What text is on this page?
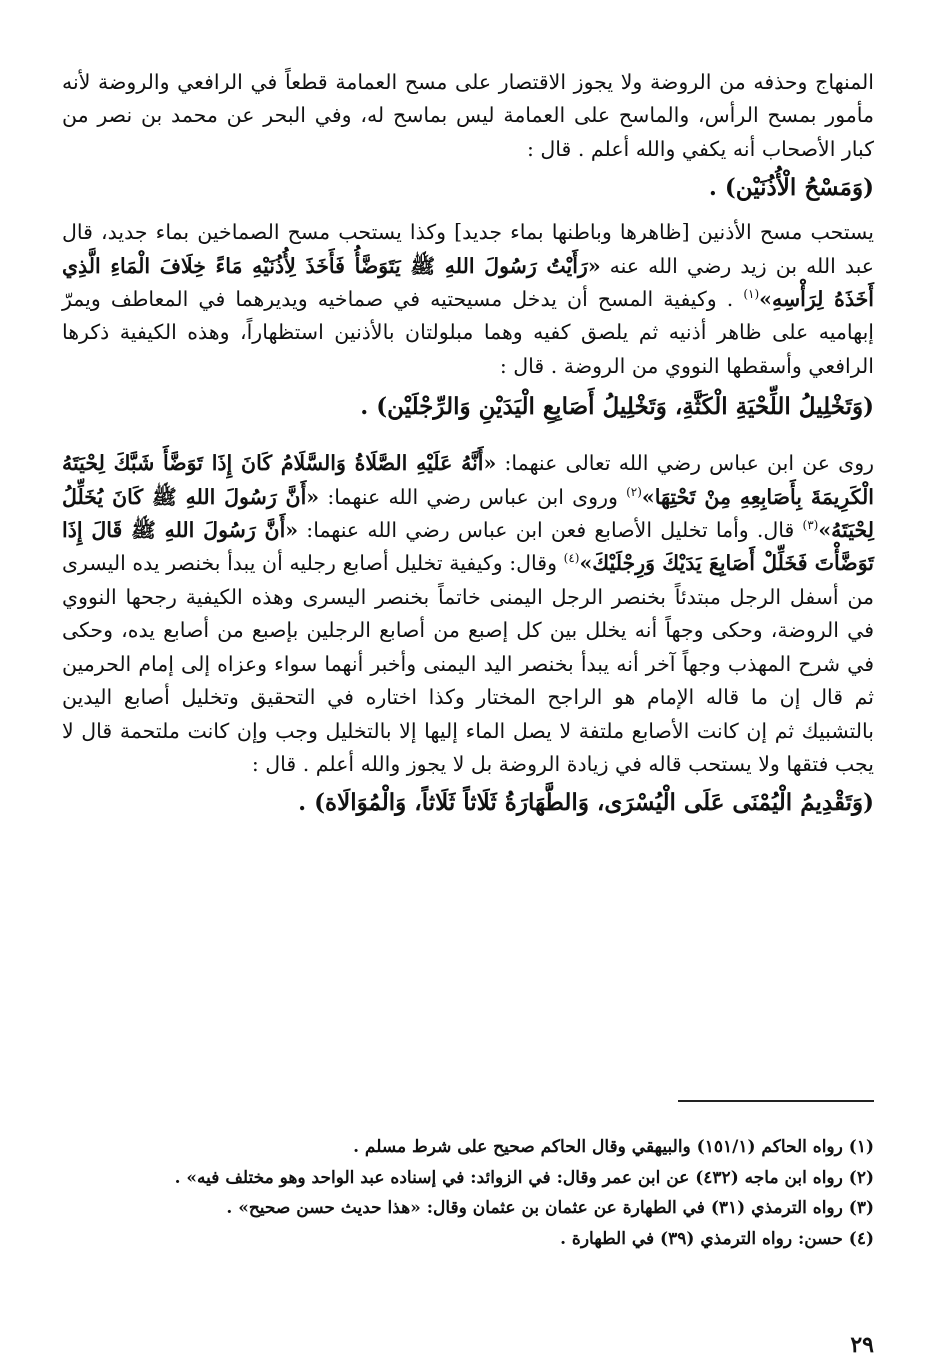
المنهاج وحذفه من الروضة ولا يجوز الاقتصار على مسح العمامة قطعاً في الرافعي والروضة لأنه مأمور بمسح الرأس، والماسح على العمامة ليس بماسح له، وفي البحر عن محمد بن نصر من كبار الأصحاب أنه يكفي والله أعلم . قال :

(وَمَسْحُ الْأُذُنَيْن) .

يستحب مسح الأذنين [ظاهرها وباطنها بماء جديد] وكذا يستحب مسح الصماخين بماء جديد، قال عبد الله بن زيد رضي الله عنه «رَأَيْتُ رَسُولَ اللهِ ﷺ يَتَوَضَّأُ فَأَخَذَ لِأُذُنَيْهِ مَاءً خِلَافَ الْمَاءِ الَّذِي أَخَذَهُ لِرَأْسِهِ»$^{(١)}$ . وكيفية المسح أن يدخل مسيحتيه في صماخيه ويديرهما في المعاطف ويمرّ إبهاميه على ظاهر أذنيه ثم يلصق كفيه وهما مبلولتان بالأذنين استظهاراً، وهذه الكيفية ذكرها الرافعي وأسقطها النووي من الروضة . قال :

(وَتَخْلِيلُ اللِّحْيَةِ الْكَثَّةِ، وَتَخْلِيلُ أَصَابِعِ الْيَدَيْنِ وَالرِّجْلَيْن) .

روى عن ابن عباس رضي الله تعالى عنهما: «أَنَّهُ عَلَيْهِ الصَّلَاةُ وَالسَّلَامُ كَانَ إِذَا تَوَضَّأَ شَبَّكَ لِحْيَتَهُ الْكَرِيمَةَ بِأَصَابِعِهِ مِنْ تَحْتِهَا»$^{(٢)}$ وروى ابن عباس رضي الله عنهما: «أَنَّ رَسُولَ اللهِ ﷺ كَانَ يُخَلِّلُ لِحْيَتَهُ»$^{(٣)}$ قال. وأما تخليل الأصابع فعن ابن عباس رضي الله عنهما: «أَنَّ رَسُولَ اللهِ ﷺ قَالَ إِذَا تَوَضَّأْتَ فَخَلِّلْ أَصَابِعَ يَدَيْكَ وَرِجْلَيْكَ»$^{(٤)}$ وقال: وكيفية تخليل أصابع رجليه أن يبدأ بخنصر يده اليسرى من أسفل الرجل مبتدئاً بخنصر الرجل اليمنى خاتماً بخنصر اليسرى وهذه الكيفية رجحها النووي في الروضة، وحكى وجهاً أنه يخلل بين كل إصبع من أصابع الرجلين بإصبع من أصابع يده، وحكى في شرح المهذب وجهاً آخر أنه يبدأ بخنصر اليد اليمنى وأخبر أنهما سواء وعزاه إلى إمام الحرمين ثم قال إن ما قاله الإمام هو الراجح المختار وكذا اختاره في التحقيق وتخليل أصابع اليدين بالتشبيك ثم إن كانت الأصابع ملتفة لا يصل الماء إليها إلا بالتخليل وجب وإن كانت ملتحمة قال لا يجب فتقها ولا يستحب قاله في زيادة الروضة بل لا يجوز والله أعلم . قال :

(وَتَقْدِيمُ الْيُمْنَى عَلَى الْيُسْرَى، وَالطَّهَارَةُ ثَلَاثاً ثَلَاثاً، وَالْمُوَالَاة) .

(١) رواه الحاكم (١٥١/١) والبيهقي وقال الحاكم صحيح على شرط مسلم .

(٢) رواه ابن ماجه (٤٣٢) عن ابن عمر وقال: في الزوائد: في إسناده عبد الواحد وهو مختلف فيه» .

(٣) رواه الترمذي (٣١) في الطهارة عن عثمان بن عثمان وقال: «هذا حديث حسن صحيح» .

(٤) حسن: رواه الترمذي (٣٩) في الطهارة .

٢٩
